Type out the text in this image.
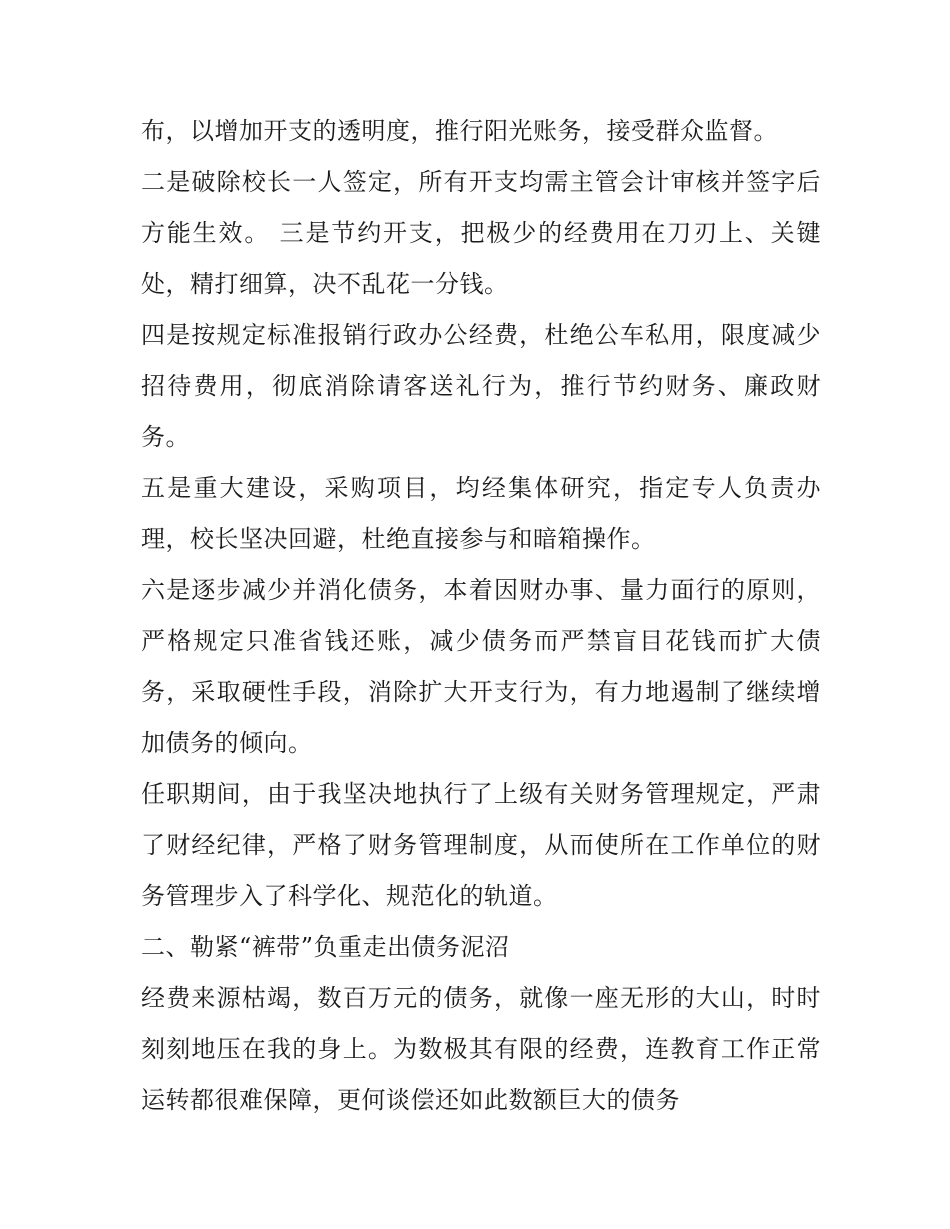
布，以增加开支的透明度，推行阳光账务，接受群众监督。

二是破除校长一人签定，所有开支均需主管会计审核并签字后方能生效。 三是节约开支，把极少的经费用在刀刃上、关键处，精打细算，决不乱花一分钱。

四是按规定标准报销行政办公经费，杜绝公车私用，限度减少招待费用，彻底消除请客送礼行为，推行节约财务、廉政财务。

五是重大建设，采购项目，均经集体研究，指定专人负责办理，校长坚决回避，杜绝直接参与和暗箱操作。

六是逐步减少并消化债务，本着因财办事、量力面行的原则，严格规定只准省钱还账，减少债务而严禁盲目花钱而扩大债务，采取硬性手段，消除扩大开支行为，有力地遏制了继续增加债务的倾向。

任职期间，由于我坚决地执行了上级有关财务管理规定，严肃了财经纪律，严格了财务管理制度，从而使所在工作单位的财务管理步入了科学化、规范化的轨道。

二、勒紧“裤带”负重走出债务泥沼

经费来源枯竭，数百万元的债务，就像一座无形的大山，时时刻刻地压在我的身上。为数极其有限的经费，连教育工作正常运转都很难保障，更何谈偿还如此数额巨大的债务
